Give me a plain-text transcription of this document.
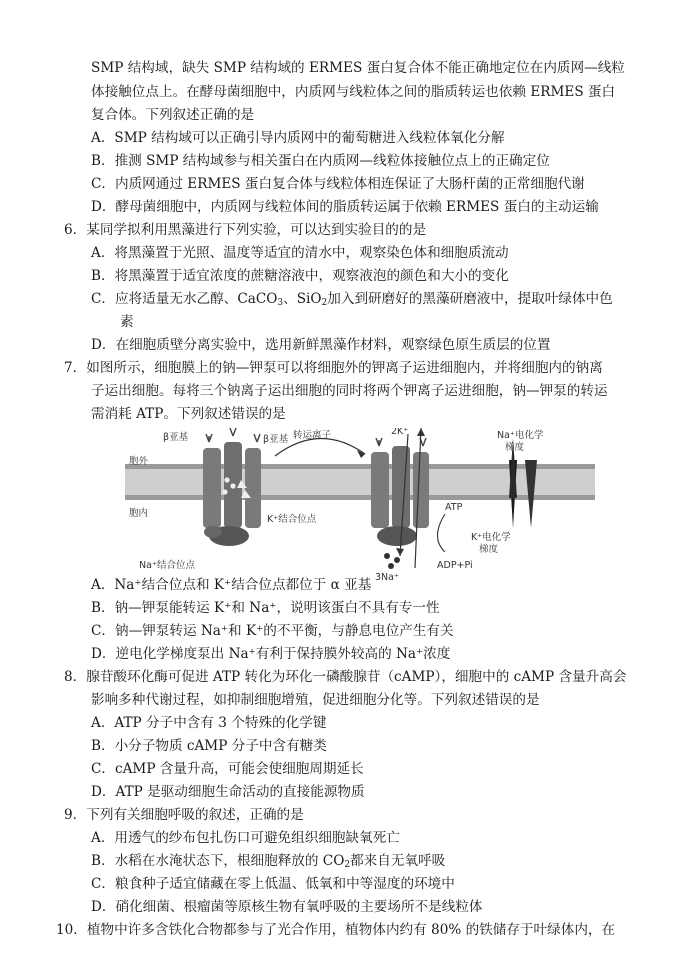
SMP 结构域，缺失 SMP 结构域的 ERMES 蛋白复合体不能正确地定位在内质网—线粒
体接触位点上。在酵母菌细胞中，内质网与线粒体之间的脂质转运也依赖 ERMES 蛋白
复合体。下列叙述正确的是
A．SMP 结构域可以正确引导内质网中的葡萄糖进入线粒体氧化分解
B．推测 SMP 结构域参与相关蛋白在内质网—线粒体接触位点上的正确定位
C．内质网通过 ERMES 蛋白复合体与线粒体相连保证了大肠杆菌的正常细胞代谢
D．酵母菌细胞中，内质网与线粒体间的脂质转运属于依赖 ERMES 蛋白的主动运输
6．某同学拟利用黑藻进行下列实验，可以达到实验目的的是
A．将黑藻置于光照、温度等适宜的清水中，观察染色体和细胞质流动
B．将黑藻置于适宜浓度的蔗糖溶液中，观察液泡的颜色和大小的变化
C．应将适量无水乙醇、CaCO$_3$、SiO$_2$加入到研磨好的黑藻研磨液中，提取叶绿体中色
素
D．在细胞质壁分离实验中，选用新鲜黑藻作材料，观察绿色原生质层的位置
7．如图所示，细胞膜上的钠—钾泵可以将细胞外的钾离子运进细胞内，并将细胞内的钠离
子运出细胞。每将三个钠离子运出细胞的同时将两个钾离子运进细胞，钠—钾泵的转运
需消耗 ATP。下列叙述错误的是
β亚基	β亚基 转运离子
胞外
胞内
K⁺结合位点
Na⁺结合位点
2K⁺
3Na⁺
ATP
ADP+Pi
Na⁺电化学
梯度
K⁺电化学
梯度
A．Na⁺结合位点和 K⁺结合位点都位于 α 亚基
B．钠—钾泵能转运 K⁺和 Na⁺，说明该蛋白不具有专一性
C．钠—钾泵转运 Na⁺和 K⁺的不平衡，与静息电位产生有关
D．逆电化学梯度泵出 Na⁺有利于保持膜外较高的 Na⁺浓度
8．腺苷酸环化酶可促进 ATP 转化为环化一磷酸腺苷（cAMP），细胞中的 cAMP 含量升高会
影响多种代谢过程，如抑制细胞增殖，促进细胞分化等。下列叙述错误的是
A．ATP 分子中含有 3 个特殊的化学键
B．小分子物质 cAMP 分子中含有糖类
C．cAMP 含量升高，可能会使细胞周期延长
D．ATP 是驱动细胞生命活动的直接能源物质
9．下列有关细胞呼吸的叙述，正确的是
A．用透气的纱布包扎伤口可避免组织细胞缺氧死亡
B．水稻在水淹状态下，根细胞释放的 $CO_2$都来自无氧呼吸
C．粮食种子适宜储藏在零上低温、低氧和中等湿度的环境中
D．硝化细菌、根瘤菌等原核生物有氧呼吸的主要场所不是线粒体
10．植物中许多含铁化合物都参与了光合作用，植物体内约有 80% 的铁储存于叶绿体内，在
